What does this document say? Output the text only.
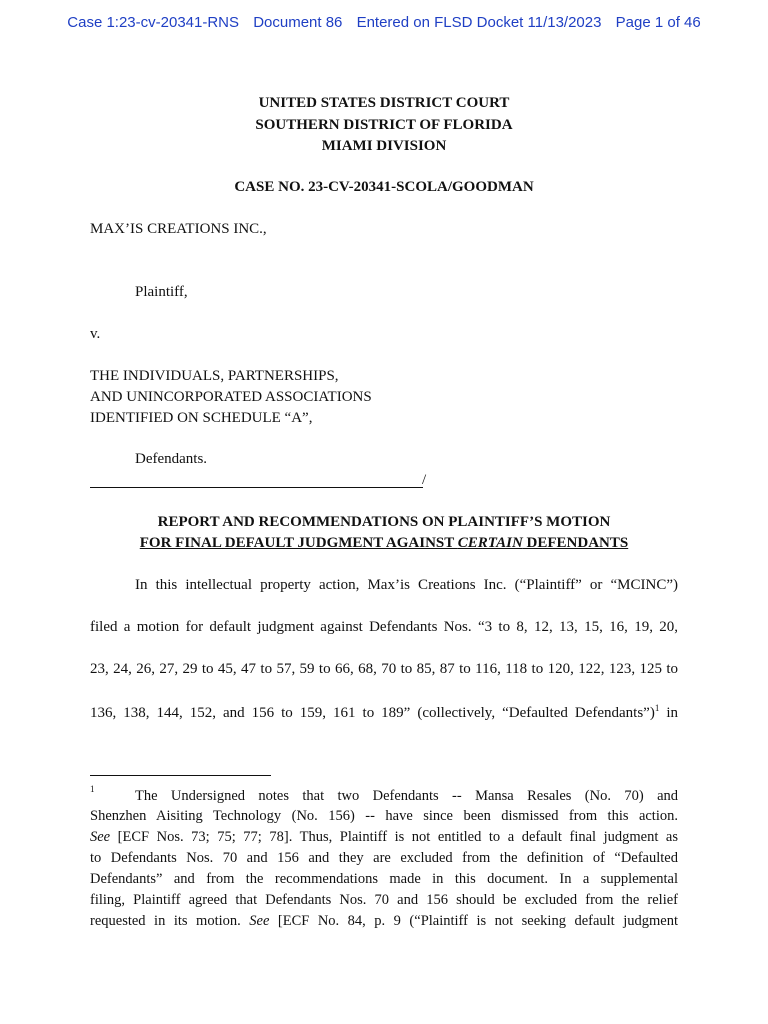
Case 1:23-cv-20341-RNS Document 86 Entered on FLSD Docket 11/13/2023 Page 1 of 46
UNITED STATES DISTRICT COURT
SOUTHERN DISTRICT OF FLORIDA
MIAMI DIVISION
CASE NO. 23-CV-20341-SCOLA/GOODMAN
MAX’IS CREATIONS INC.,
Plaintiff,
v.
THE INDIVIDUALS, PARTNERSHIPS,
AND UNINCORPORATED ASSOCIATIONS
IDENTIFIED ON SCHEDULE “A”,
Defendants.
/
REPORT AND RECOMMENDATIONS ON PLAINTIFF’S MOTION
FOR FINAL DEFAULT JUDGMENT AGAINST CERTAIN DEFENDANTS
In this intellectual property action, Max’is Creations Inc. (“Plaintiff” or “MCINC”)
filed a motion for default judgment against Defendants Nos. “3 to 8, 12, 13, 15, 16, 19, 20,
23, 24, 26, 27, 29 to 45, 47 to 57, 59 to 66, 68, 70 to 85, 87 to 116, 118 to 120, 122, 123, 125 to
136, 138, 144, 152, and 156 to 159, 161 to 189” (collectively, “Defaulted Defendants”)$^1$ in
The Undersigned notes that two Defendants -- Mansa Resales (No. 70) and
1
Shenzhen Aisiting Technology (No. 156) -- have since been dismissed from this action.
See [ECF Nos. 73; 75; 77; 78]. Thus, Plaintiff is not entitled to a default final judgment as
to Defendants Nos. 70 and 156 and they are excluded from the definition of “Defaulted
Defendants” and from the recommendations made in this document. In a supplemental
filing, Plaintiff agreed that Defendants Nos. 70 and 156 should be excluded from the relief
requested in its motion. See [ECF No. 84, p. 9 (“Plaintiff is not seeking default judgment
